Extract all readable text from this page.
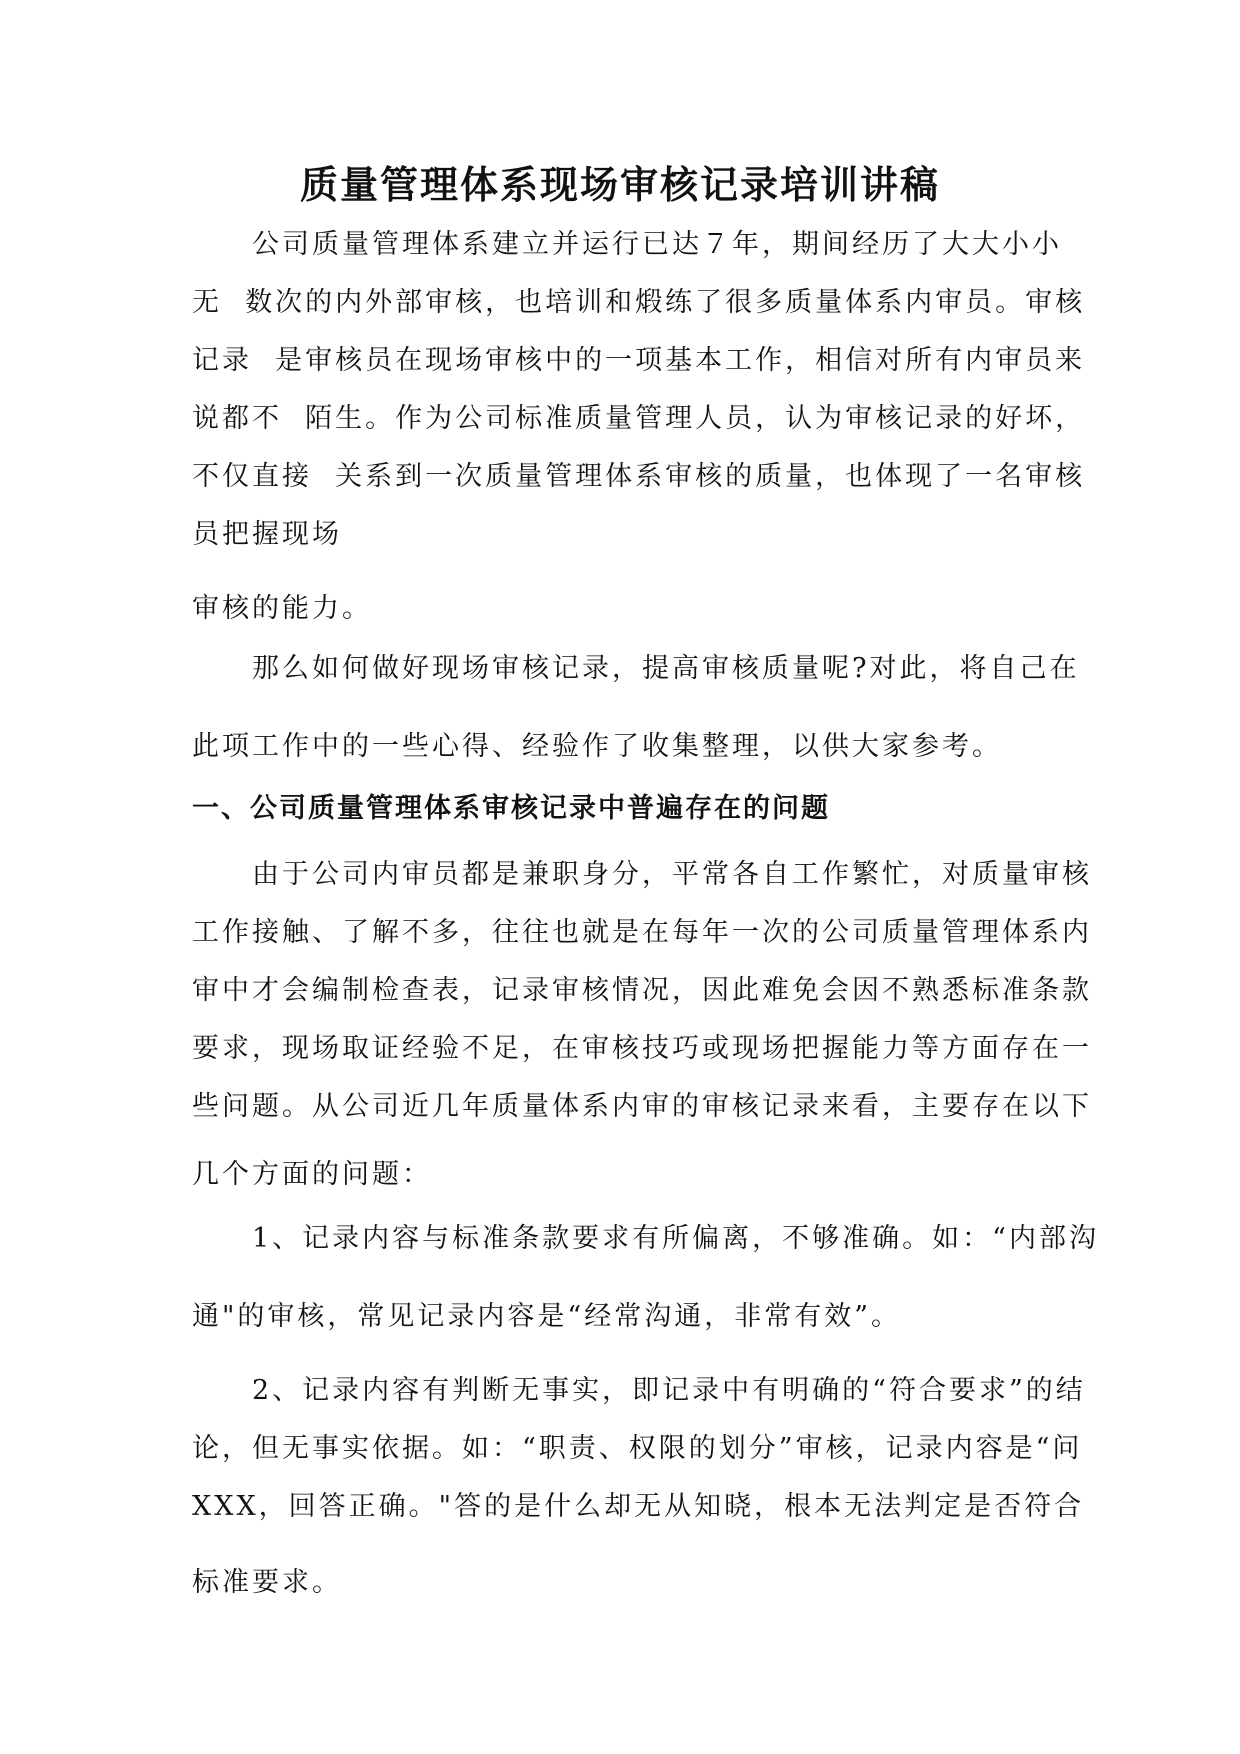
质量管理体系现场审核记录培训讲稿
　　公司质量管理体系建立并运行已达７年，期间经历了大大小小
无  数次的内外部审核，也培训和煅练了很多质量体系内审员。审核
记录  是审核员在现场审核中的一项基本工作，相信对所有内审员来
说都不  陌生。作为公司标准质量管理人员，认为审核记录的好坏，
不仅直接  关系到一次质量管理体系审核的质量，也体现了一名审核
员把握现场
审核的能力。
　　那么如何做好现场审核记录，提高审核质量呢?对此，将自己在
此项工作中的一些心得、经验作了收集整理，以供大家参考。
一、公司质量管理体系审核记录中普遍存在的问题
　　由于公司内审员都是兼职身分，平常各自工作繁忙，对质量审核
工作接触、了解不多，往往也就是在每年一次的公司质量管理体系内
审中才会编制检查表，记录审核情况，因此难免会因不熟悉标准条款
要求，现场取证经验不足，在审核技巧或现场把握能力等方面存在一
些问题。从公司近几年质量体系内审的审核记录来看，主要存在以下
几个方面的问题：
　　1、记录内容与标准条款要求有所偏离，不够准确。如：“内部沟
通"的审核，常见记录内容是“经常沟通，非常有效”。
　　2、记录内容有判断无事实，即记录中有明确的“符合要求”的结
论，但无事实依据。如：“职责、权限的划分”审核，记录内容是“问
XXX，回答正确。"答的是什么却无从知晓，根本无法判定是否符合
标准要求。
